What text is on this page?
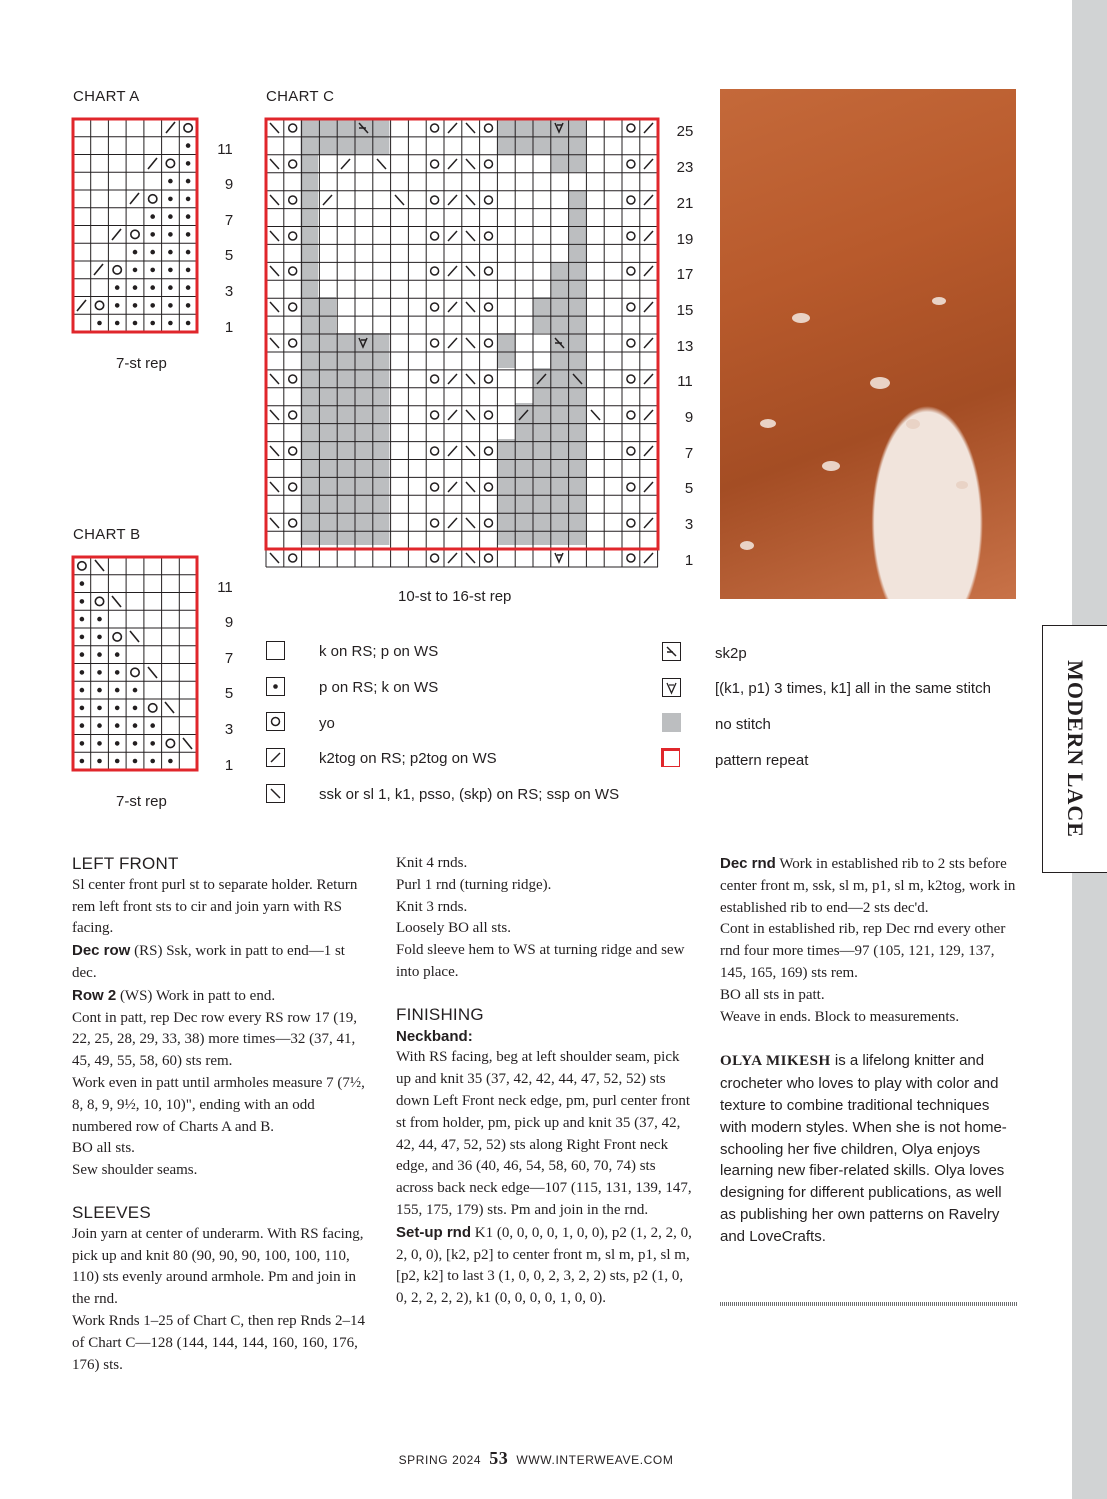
MODERN LACE
CHART A
11
9
7
5
3
1
7-st rep
CHART B
11
9
7
5
3
1
7-st rep
CHART C
25
23
21
19
17
15
13
11
9
7
5
3
1
10-st to 16-st rep
k on RS; p on WS
p on RS; k on WS
yo
k2tog on RS; p2tog on WS
ssk or sl 1, k1, psso, (skp) on RS; ssp on WS
sk2p
[(k1, p1) 3 times, k1] all in the same stitch
no stitch
pattern repeat

LEFT FRONT

Sl center front purl st to separate holder. Return rem left front sts to cir and join yarn with RS facing.

Dec row (RS) Ssk, work in patt to end—1 st dec.

Row 2 (WS) Work in patt to end.

Cont in patt, rep Dec row every RS row 17 (19, 22, 25, 28, 29, 33, 38) more times—32 (37, 41, 45, 49, 55, 58, 60) sts rem.

Work even in patt until armholes measure 7 (7½, 8, 8, 9, 9½, 10, 10)", ending with an odd numbered row of Charts A and B.

BO all sts.

Sew shoulder seams.

SLEEVES

Join yarn at center of underarm. With RS facing, pick up and knit 80 (90, 90, 90, 100, 100, 110, 110) sts evenly around armhole. Pm and join in the rnd.

Work Rnds 1–25 of Chart C, then rep Rnds 2–14 of Chart C—128 (144, 144, 144, 160, 160, 176, 176) sts.

Knit 4 rnds.

Purl 1 rnd (turning ridge).

Knit 3 rnds.

Loosely BO all sts.

Fold sleeve hem to WS at turning ridge and sew into place.

FINISHING

Neckband:

With RS facing, beg at left shoulder seam, pick up and knit 35 (37, 42, 42, 44, 47, 52, 52) sts down Left Front neck edge, pm, purl center front st from holder, pm, pick up and knit 35 (37, 42, 42, 44, 47, 52, 52) sts along Right Front neck edge, and 36 (40, 46, 54, 58, 60, 70, 74) sts across back neck edge—107 (115, 131, 139, 147, 155, 175, 179) sts. Pm and join in the rnd.

Set-up rnd K1 (0, 0, 0, 0, 1, 0, 0), p2 (1, 2, 2, 0, 2, 0, 0), [k2, p2] to center front m, sl m, p1, sl m, [p2, k2] to last 3 (1, 0, 0, 2, 3, 2, 2) sts, p2 (1, 0, 0, 2, 2, 2, 2), k1 (0, 0, 0, 0, 1, 0, 0).

Dec rnd Work in established rib to 2 sts before center front m, ssk, sl m, p1, sl m, k2tog, work in established rib to end—2 sts dec'd.

Cont in established rib, rep Dec rnd every other rnd four more times—97 (105, 121, 129, 137, 145, 165, 169) sts rem.

BO all sts in patt.

Weave in ends. Block to measurements.

OLYA MIKESH is a lifelong knitter and crocheter who loves to play with color and texture to combine traditional techniques with modern styles. When she is not home-schooling her five children, Olya enjoys learning new fiber-related skills. Olya loves designing for different publications, as well as publishing her own patterns on Ravelry and LoveCrafts.

SPRING 2024 53 WWW.INTERWEAVE.COM
